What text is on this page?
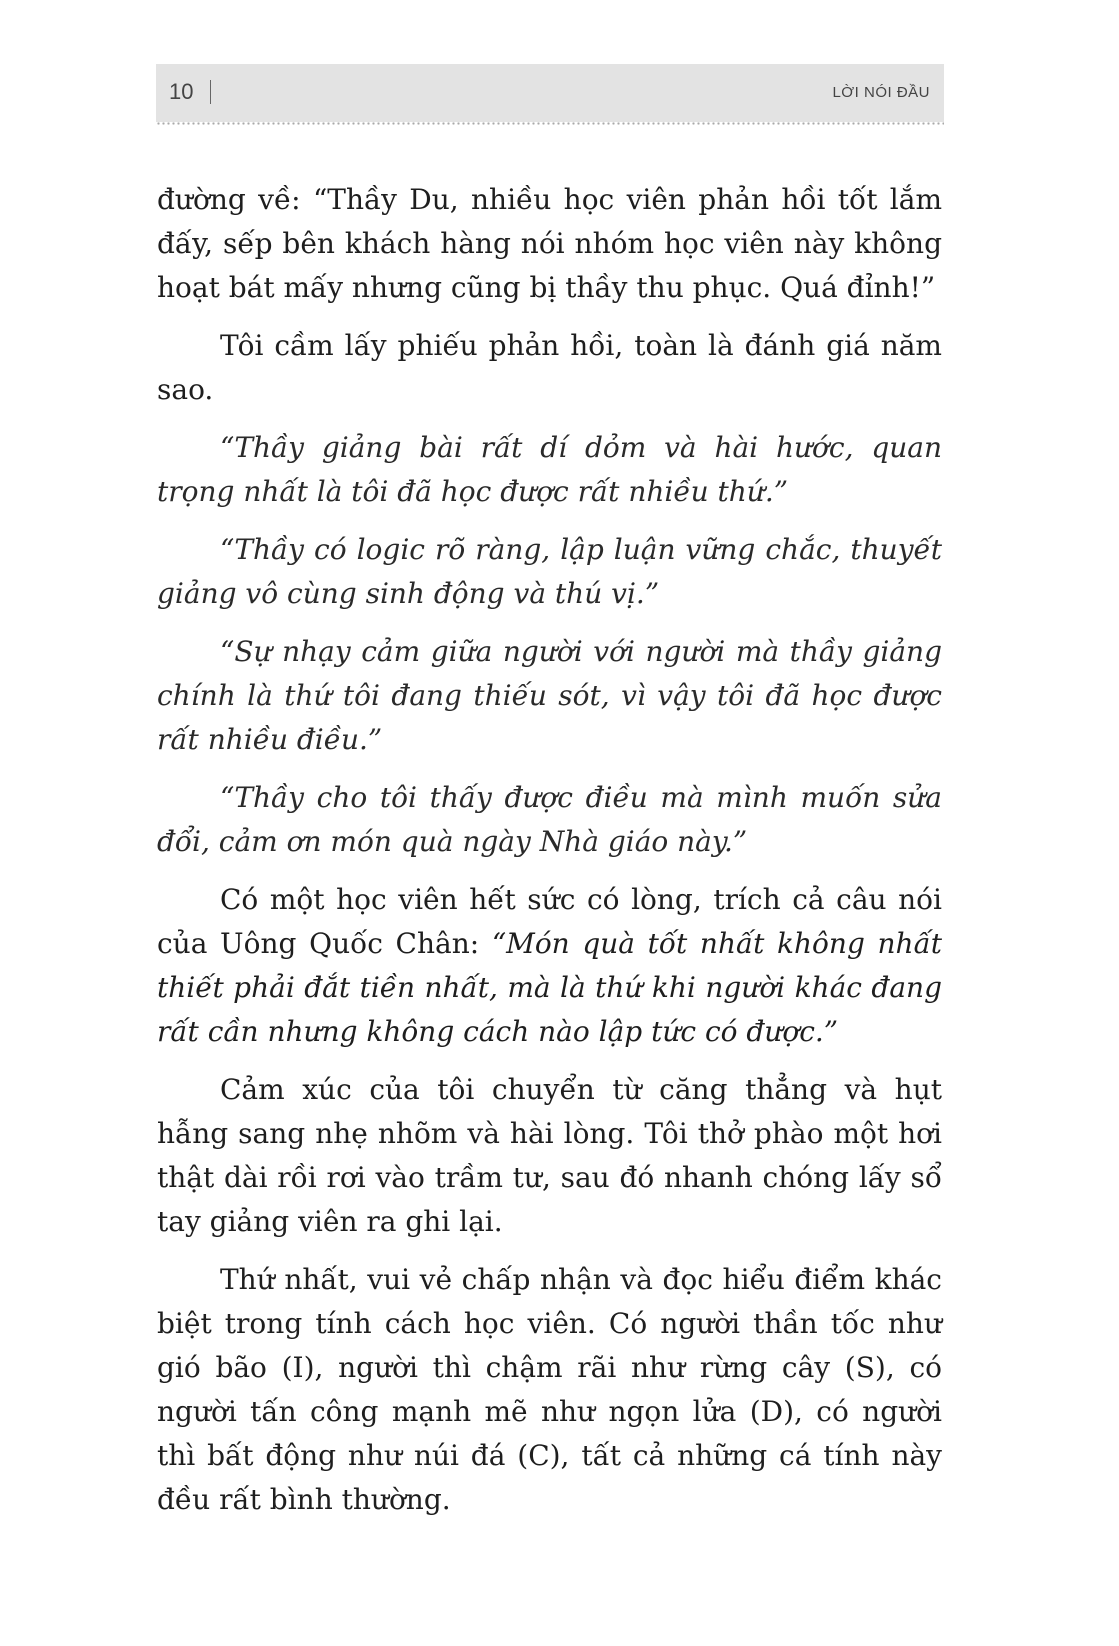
10	LỜI NÓI ĐẦU

đường về: “Thầy Du, nhiều học viên phản hồi tốt lắm đấy, sếp bên khách hàng nói nhóm học viên này không hoạt bát mấy nhưng cũng bị thầy thu phục. Quá đỉnh!”

Tôi cầm lấy phiếu phản hồi, toàn là đánh giá năm sao.

“Thầy giảng bài rất dí dỏm và hài hước, quan trọng nhất là tôi đã học được rất nhiều thứ.”

“Thầy có logic rõ ràng, lập luận vững chắc, thuyết giảng vô cùng sinh động và thú vị.”

“Sự nhạy cảm giữa người với người mà thầy giảng chính là thứ tôi đang thiếu sót, vì vậy tôi đã học được rất nhiều điều.”

“Thầy cho tôi thấy được điều mà mình muốn sửa đổi, cảm ơn món quà ngày Nhà giáo này.”

Có một học viên hết sức có lòng, trích cả câu nói của Uông Quốc Chân: “Món quà tốt nhất không nhất thiết phải đắt tiền nhất, mà là thứ khi người khác đang rất cần nhưng không cách nào lập tức có được.”

Cảm xúc của tôi chuyển từ căng thẳng và hụt hẫng sang nhẹ nhõm và hài lòng. Tôi thở phào một hơi thật dài rồi rơi vào trầm tư, sau đó nhanh chóng lấy sổ tay giảng viên ra ghi lại.

Thứ nhất, vui vẻ chấp nhận và đọc hiểu điểm khác biệt trong tính cách học viên. Có người thần tốc như gió bão (I), người thì chậm rãi như rừng cây (S), có người tấn công mạnh mẽ như ngọn lửa (D), có người thì bất động như núi đá (C), tất cả những cá tính này đều rất bình thường.
